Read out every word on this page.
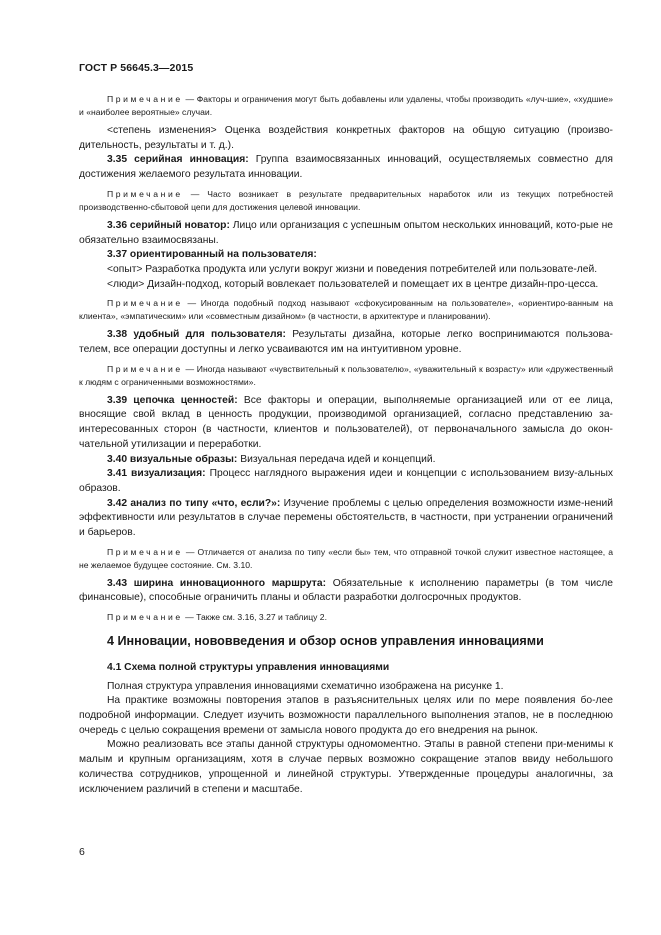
ГОСТ Р 56645.3—2015

Примечание — Факторы и ограничения могут быть добавлены или удалены, чтобы производить «луч-шие», «худшие» и «наиболее вероятные» случаи.

<степень изменения> Оценка воздействия конкретных факторов на общую ситуацию (произво-дительность, результаты и т. д.).

3.35 серийная инновация: Группа взаимосвязанных инноваций, осуществляемых совместно для достижения желаемого результата инновации.

Примечание — Часто возникает в результате предварительных наработок или из текущих потребностей производственно-сбытовой цепи для достижения целевой инновации.

3.36 серийный новатор: Лицо или организация с успешным опытом нескольких инноваций, кото-рые не обязательно взаимосвязаны.

3.37 ориентированный на пользователя:

<опыт> Разработка продукта или услуги вокруг жизни и поведения потребителей или пользовате-лей.

<люди> Дизайн-подход, который вовлекает пользователей и помещает их в центре дизайн-про-цесса.

Примечание — Иногда подобный подход называют «сфокусированным на пользователе», «ориентиро-ванным на клиента», «эмпатическим» или «совместным дизайном» (в частности, в архитектуре и планировании).

3.38 удобный для пользователя: Результаты дизайна, которые легко воспринимаются пользова-телем, все операции доступны и легко усваиваются им на интуитивном уровне.

Примечание — Иногда называют «чувствительный к пользователю», «уважительный к возрасту» или «дружественный к людям с ограниченными возможностями».

3.39 цепочка ценностей: Все факторы и операции, выполняемые организацией или от ее лица, вносящие свой вклад в ценность продукции, производимой организацией, согласно представлению за-интересованных сторон (в частности, клиентов и пользователей), от первоначального замысла до окон-чательной утилизации и переработки.

3.40 визуальные образы: Визуальная передача идей и концепций.

3.41 визуализация: Процесс наглядного выражения идеи и концепции с использованием визу-альных образов.

3.42 анализ по типу «что, если?»: Изучение проблемы с целью определения возможности изме-нений эффективности или результатов в случае перемены обстоятельств, в частности, при устранении ограничений и барьеров.

Примечание — Отличается от анализа по типу «если бы» тем, что отправной точкой служит известное настоящее, а не желаемое будущее состояние. См. 3.10.

3.43 ширина инновационного маршрута: Обязательные к исполнению параметры (в том числе финансовые), способные ограничить планы и области разработки долгосрочных продуктов.

Примечание — Также см. 3.16, 3.27 и таблицу 2.

4 Инновации, нововведения и обзор основ управления инновациями
4.1 Схема полной структуры управления инновациями

Полная структура управления инновациями схематично изображена на рисунке 1.

На практике возможны повторения этапов в разъяснительных целях или по мере появления бо-лее подробной информации. Следует изучить возможности параллельного выполнения этапов, не в последнюю очередь с целью сокращения времени от замысла нового продукта до его внедрения на рынок.

Можно реализовать все этапы данной структуры одномоментно. Этапы в равной степени при-менимы к малым и крупным организациям, хотя в случае первых возможно сокращение этапов ввиду небольшого количества сотрудников, упрощенной и линейной структуры. Утвержденные процедуры аналогичны, за исключением различий в степени и масштабе.

6
